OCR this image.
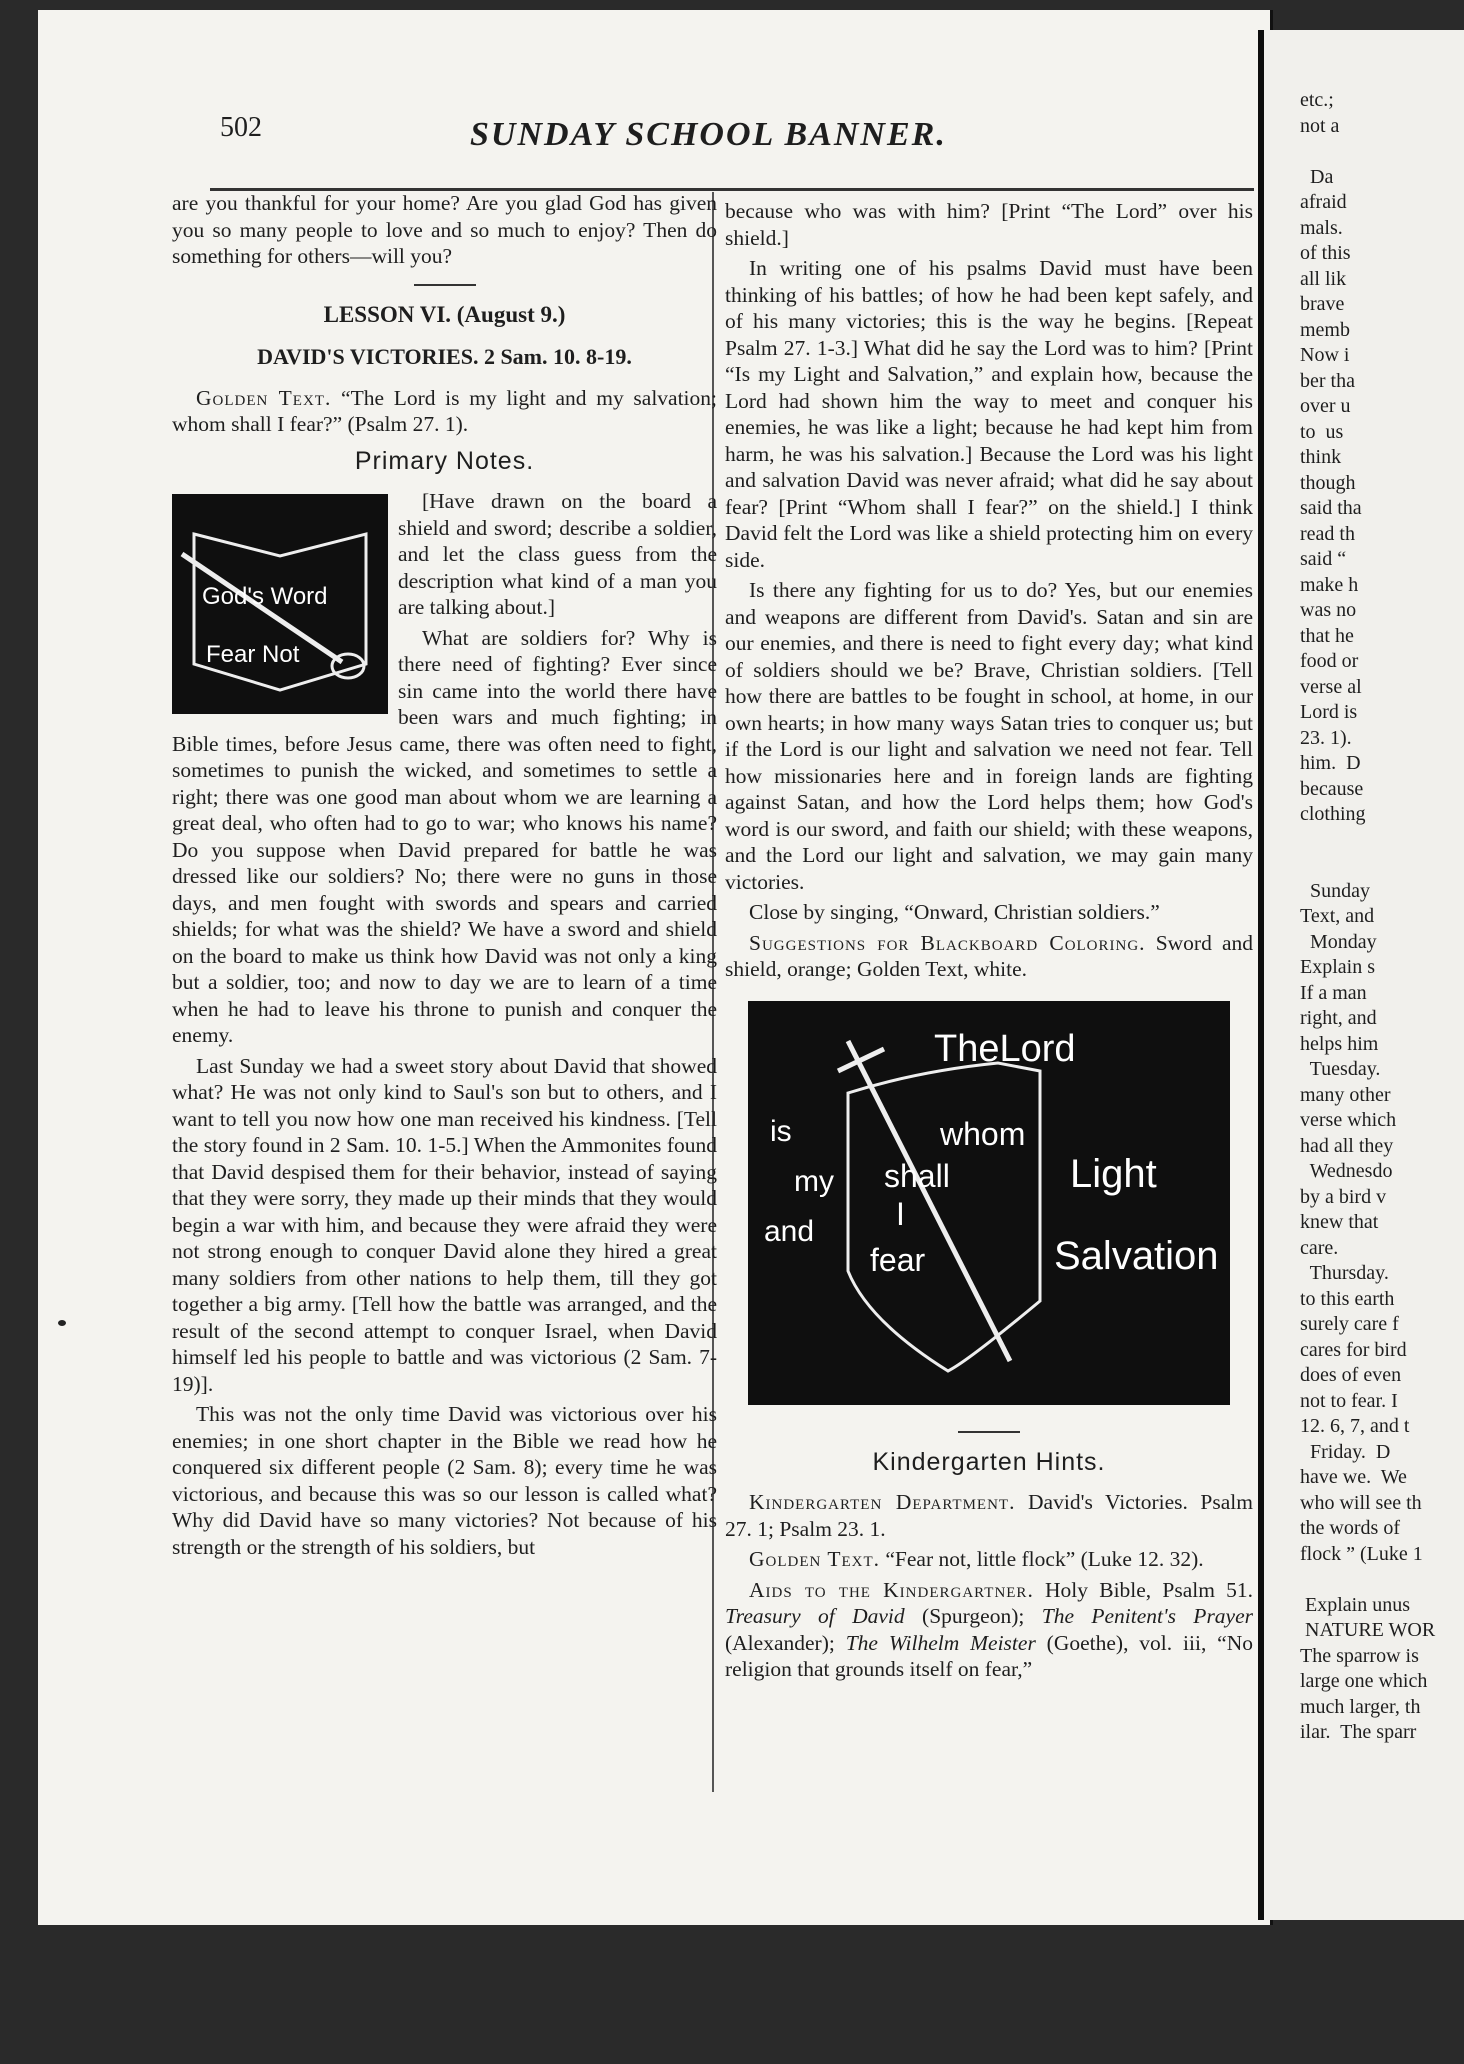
etc.;
not a

Da
afraid
mals.
of this
all lik
brave
memb
Now i
ber tha
over u
to  us
think
though
said tha
read th
said “
make h
was no
that he
food or
verse al
Lord is
23. 1).
him.  D
because
clothing

Sunday
Text, and
Monday
Explain s
If a man
right, and
helps him
Tuesday.
many other
verse which
had all they
Wednesdo
by a bird v
knew that
care.
Thursday.
to this earth
surely care f
cares for bird
does of even
not to fear. I
12. 6, 7, and t
Friday.  D
have we.  We
who will see th
the words of
flock ” (Luke 1

Explain unus
NATURE WOR
The sparrow is
large one which
much larger, th
ilar.  The sparr
502	SUNDAY SCHOOL BANNER.

are you thankful for your home? Are you glad God has given you so many people to love and so much to enjoy? Then do something for others—will you?

LESSON VI. (August 9.)
DAVID'S VICTORIES. 2 Sam. 10. 8-19.

Golden Text. “The Lord is my light and my salvation; whom shall I fear?” (Psalm 27. 1).

Primary Notes.
God's Word
Fear Not

[Have drawn on the board a shield and sword; describe a soldier, and let the class guess from the description what kind of a man you are talking about.]

What are soldiers for? Why is there need of fighting? Ever since sin came into the world there have been wars and much fighting; in Bible times, before Jesus came, there was often need to fight, sometimes to punish the wicked, and sometimes to settle a right; there was one good man about whom we are learning a great deal, who often had to go to war; who knows his name? Do you suppose when David prepared for battle he was dressed like our soldiers? No; there were no guns in those days, and men fought with swords and spears and carried shields; for what was the shield? We have a sword and shield on the board to make us think how David was not only a king but a soldier, too; and now to day we are to learn of a time when he had to leave his throne to punish and conquer the enemy.

Last Sunday we had a sweet story about David that showed what? He was not only kind to Saul's son but to others, and I want to tell you now how one man received his kindness. [Tell the story found in 2 Sam. 10. 1-5.] When the Ammonites found that David despised them for their behavior, instead of saying that they were sorry, they made up their minds that they would begin a war with him, and because they were afraid they were not strong enough to conquer David alone they hired a great many soldiers from other nations to help them, till they got together a big army. [Tell how the battle was arranged, and the result of the second attempt to conquer Israel, when David himself led his people to battle and was victorious (2 Sam. 7-19)].

This was not the only time David was victorious over his enemies; in one short chapter in the Bible we read how he conquered six different people (2 Sam. 8); every time he was victorious, and because this was so our lesson is called what? Why did David have so many victories? Not because of his strength or the strength of his soldiers, but

because who was with him? [Print “The Lord” over his shield.]

In writing one of his psalms David must have been thinking of his battles; of how he had been kept safely, and of his many victories; this is the way he begins. [Repeat Psalm 27. 1-3.] What did he say the Lord was to him? [Print “Is my Light and Salvation,” and explain how, because the Lord had shown him the way to meet and conquer his enemies, he was like a light; because he had kept him from harm, he was his salvation.] Because the Lord was his light and salvation David was never afraid; what did he say about fear? [Print “Whom shall I fear?” on the shield.] I think David felt the Lord was like a shield protecting him on every side.

Is there any fighting for us to do? Yes, but our enemies and weapons are different from David's. Satan and sin are our enemies, and there is need to fight every day; what kind of soldiers should we be? Brave, Christian soldiers. [Tell how there are battles to be fought in school, at home, in our own hearts; in how many ways Satan tries to conquer us; but if the Lord is our light and salvation we need not fear. Tell how missionaries here and in foreign lands are fighting against Satan, and how the Lord helps them; how God's word is our sword, and faith our shield; with these weapons, and the Lord our light and salvation, we may gain many victories.

Close by singing, “Onward, Christian soldiers.”

Suggestions for Blackboard Coloring. Sword and shield, orange; Golden Text, white.

TheLord
is
my
and
whom
shall
I
fear
Light
Salvation
Kindergarten Hints.

Kindergarten Department. David's Victories. Psalm 27. 1; Psalm 23. 1.

Golden Text. “Fear not, little flock” (Luke 12. 32).

Aids to the Kindergartner. Holy Bible, Psalm 51. Treasury of David (Spurgeon); The Penitent's Prayer (Alexander); The Wilhelm Meister (Goethe), vol. iii, “No religion that grounds itself on fear,”
